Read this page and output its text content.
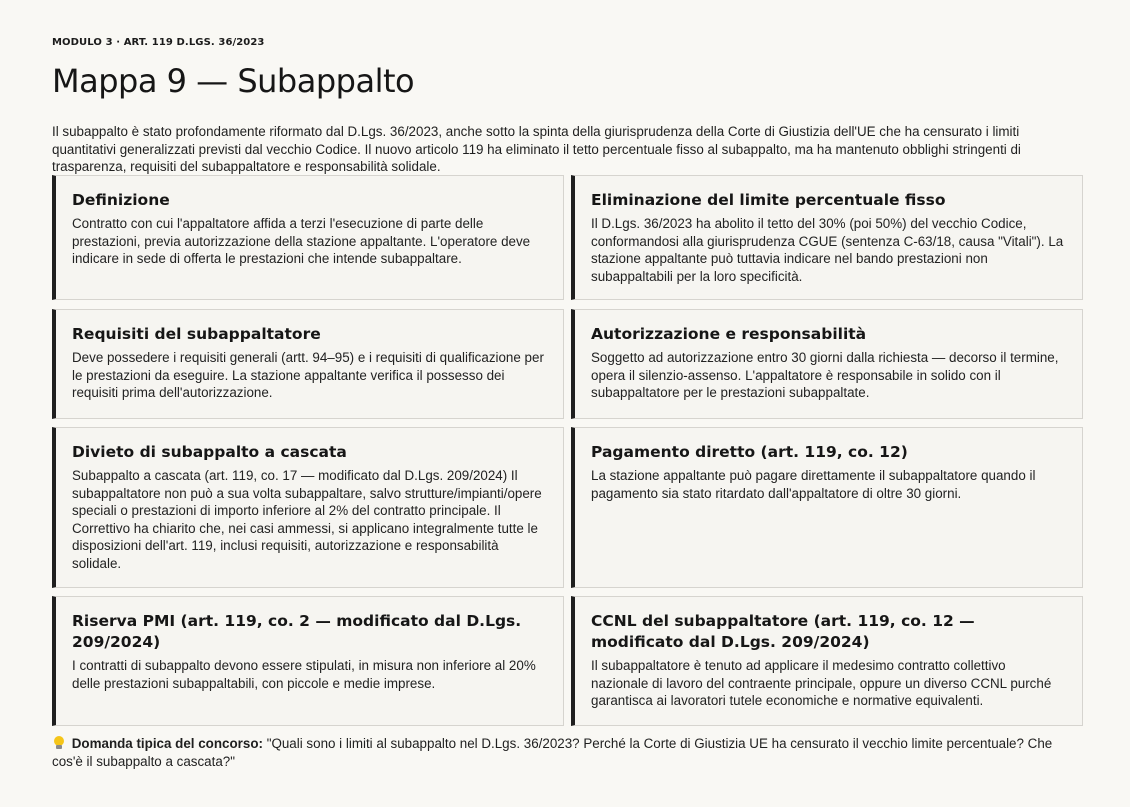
MODULO 3 · ART. 119 D.LGS. 36/2023
Mappa 9 — Subappalto

Il subappalto è stato profondamente riformato dal D.Lgs. 36/2023, anche sotto la spinta della giurisprudenza della Corte di Giustizia dell'UE che ha censurato i limiti quantitativi generalizzati previsti dal vecchio Codice. Il nuovo articolo 119 ha eliminato il tetto percentuale fisso al subappalto, ma ha mantenuto obblighi stringenti di trasparenza, requisiti del subappaltatore e responsabilità solidale.

Definizione
Contratto con cui l'appaltatore affida a terzi l'esecuzione di parte delle prestazioni, previa autorizzazione della stazione appaltante. L'operatore deve indicare in sede di offerta le prestazioni che intende subappaltare.
Eliminazione del limite percentuale fisso
Il D.Lgs. 36/2023 ha abolito il tetto del 30% (poi 50%) del vecchio Codice, conformandosi alla giurisprudenza CGUE (sentenza C-63/18, causa "Vitali"). La stazione appaltante può tuttavia indicare nel bando prestazioni non subappaltabili per la loro specificità.
Requisiti del subappaltatore
Deve possedere i requisiti generali (artt. 94–95) e i requisiti di qualificazione per le prestazioni da eseguire. La stazione appaltante verifica il possesso dei requisiti prima dell'autorizzazione.
Autorizzazione e responsabilità
Soggetto ad autorizzazione entro 30 giorni dalla richiesta — decorso il termine, opera il silenzio-assenso. L'appaltatore è responsabile in solido con il subappaltatore per le prestazioni subappaltate.
Divieto di subappalto a cascata
Subappalto a cascata (art. 119, co. 17 — modificato dal D.Lgs. 209/2024) Il subappaltatore non può a sua volta subappaltare, salvo strutture/impianti/opere speciali o prestazioni di importo inferiore al 2% del contratto principale. Il Correttivo ha chiarito che, nei casi ammessi, si applicano integralmente tutte le disposizioni dell'art. 119, inclusi requisiti, autorizzazione e responsabilità solidale.
Pagamento diretto (art. 119, co. 12)
La stazione appaltante può pagare direttamente il subappaltatore quando il pagamento sia stato ritardato dall'appaltatore di oltre 30 giorni.
Riserva PMI (art. 119, co. 2 — modificato dal D.Lgs. 209/2024)
I contratti di subappalto devono essere stipulati, in misura non inferiore al 20% delle prestazioni subappaltabili, con piccole e medie imprese.
CCNL del subappaltatore (art. 119, co. 12 — modificato dal D.Lgs. 209/2024)
Il subappaltatore è tenuto ad applicare il medesimo contratto collettivo nazionale di lavoro del contraente principale, oppure un diverso CCNL purché garantisca ai lavoratori tutele economiche e normative equivalenti.
Domanda tipica del concorso: "Quali sono i limiti al subappalto nel D.Lgs. 36/2023? Perché la Corte di Giustizia UE ha censurato il vecchio limite percentuale? Che cos'è il subappalto a cascata?"
